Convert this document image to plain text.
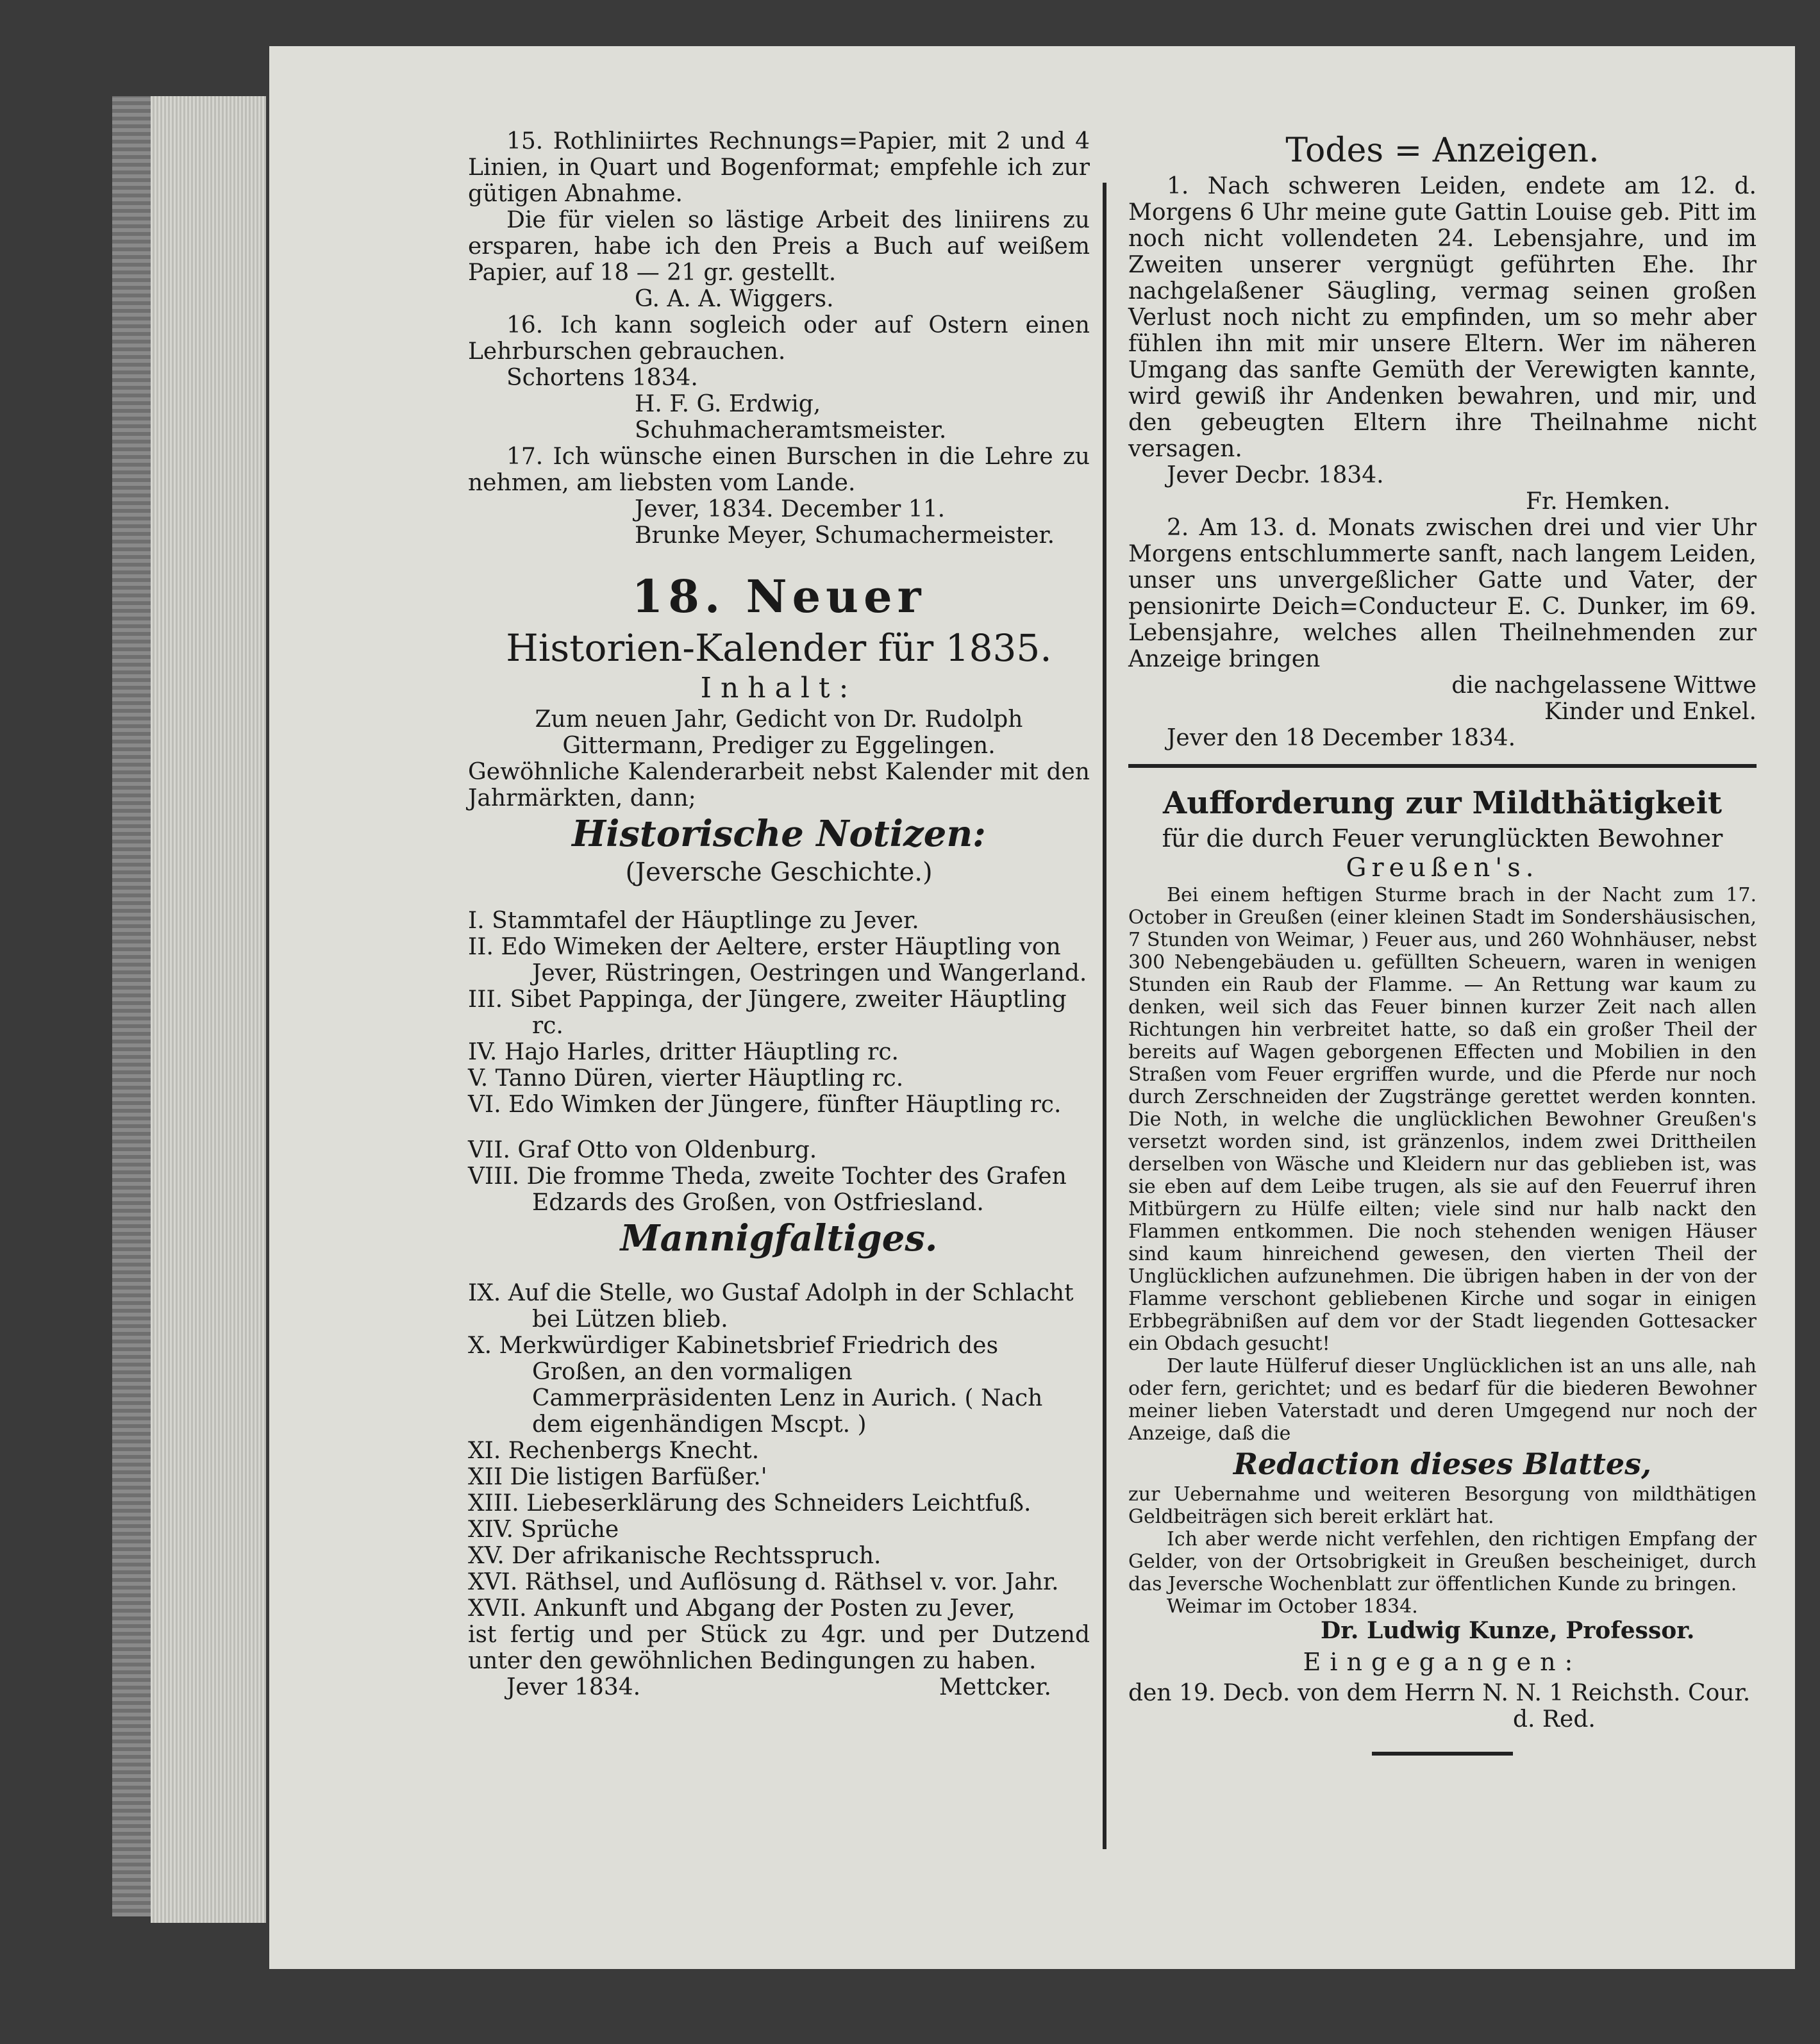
15. Rothliniirtes Rechnungs=Papier, mit 2 und 4 Linien, in Quart und Bogenformat; empfehle ich zur gütigen Abnahme.

Die für vielen so lästige Arbeit des liniirens zu ersparen, habe ich den Preis a Buch auf weißem Papier, auf 18 — 21 gr. gestellt.

G. A. A. Wiggers.

16. Ich kann sogleich oder auf Ostern einen Lehrburschen gebrauchen.

Schortens 1834.

H. F. G. Erdwig, Schuhmacheramtsmeister.

17. Ich wünsche einen Burschen in die Lehre zu nehmen, am liebsten vom Lande.

Jever, 1834. December 11.
Brunke Meyer, Schumachermeister.
18. Neuer
Historien-Kalender für 1835.
Inhalt:

Zum neuen Jahr, Gedicht von Dr. Rudolph Gittermann, Prediger zu Eggelingen.

Gewöhnliche Kalenderarbeit nebst Kalender mit den Jahrmärkten, dann;

Historische Notizen:
(Jeversche Geschichte.)

I. Stammtafel der Häuptlinge zu Jever.

II. Edo Wimeken der Aeltere, erster Häuptling von Jever, Rüstringen, Oestringen und Wangerland.

III. Sibet Pappinga, der Jüngere, zweiter Häuptling rc.

IV. Hajo Harles, dritter Häuptling rc.

V. Tanno Düren, vierter Häuptling rc.

VI. Edo Wimken der Jüngere, fünfter Häuptling rc.

VII. Graf Otto von Oldenburg.

VIII. Die fromme Theda, zweite Tochter des Grafen Edzards des Großen, von Ostfriesland.

Mannigfaltiges.

IX. Auf die Stelle, wo Gustaf Adolph in der Schlacht bei Lützen blieb.

X. Merkwürdiger Kabinetsbrief Friedrich des Großen, an den vormaligen Cammerpräsidenten Lenz in Aurich. ( Nach dem eigenhändigen Mscpt. )

XI. Rechenbergs Knecht.

XII Die listigen Barfüßer.'

XIII. Liebeserklärung des Schneiders Leichtfuß.

XIV. Sprüche

XV. Der afrikanische Rechtsspruch.

XVI. Räthsel, und Auflösung d. Räthsel v. vor. Jahr.

XVII. Ankunft und Abgang der Posten zu Jever,

ist fertig und per Stück zu 4gr. und per Dutzend unter den gewöhnlichen Bedingungen zu haben.

Jever 1834.	Mettcker.
Todes = Anzeigen.

1. Nach schweren Leiden, endete am 12. d. Morgens 6 Uhr meine gute Gattin Louise geb. Pitt im noch nicht vollendeten 24. Lebensjahre, und im Zweiten unserer vergnügt geführten Ehe. Ihr nachgelaßener Säugling, vermag seinen großen Verlust noch nicht zu empfinden, um so mehr aber fühlen ihn mit mir unsere Eltern. Wer im näheren Umgang das sanfte Gemüth der Verewigten kannte, wird gewiß ihr Andenken bewahren, und mir, und den gebeugten Eltern ihre Theilnahme nicht versagen.

Jever Decbr. 1834.

Fr. Hemken.

2. Am 13. d. Monats zwischen drei und vier Uhr Morgens entschlummerte sanft, nach langem Leiden, unser uns unvergeßlicher Gatte und Vater, der pensionirte Deich=Conducteur E. C. Dunker, im 69. Lebensjahre, welches allen Theilnehmenden zur Anzeige bringen

die nachgelassene Wittwe

Kinder und Enkel.

Jever den 18 December 1834.

Aufforderung zur Mildthätigkeit

für die durch Feuer verunglückten Bewohner

Greußen's.

Bei einem heftigen Sturme brach in der Nacht zum 17. October in Greußen (einer kleinen Stadt im Sondershäusischen, 7 Stunden von Weimar, ) Feuer aus, und 260 Wohnhäuser, nebst 300 Nebengebäuden u. gefüllten Scheuern, waren in wenigen Stunden ein Raub der Flamme. — An Rettung war kaum zu denken, weil sich das Feuer binnen kurzer Zeit nach allen Richtungen hin verbreitet hatte, so daß ein großer Theil der bereits auf Wagen geborgenen Effecten und Mobilien in den Straßen vom Feuer ergriffen wurde, und die Pferde nur noch durch Zerschneiden der Zugstränge gerettet werden konnten. Die Noth, in welche die unglücklichen Bewohner Greußen's versetzt worden sind, ist gränzenlos, indem zwei Drittheilen derselben von Wäsche und Kleidern nur das geblieben ist, was sie eben auf dem Leibe trugen, als sie auf den Feuerruf ihren Mitbürgern zu Hülfe eilten; viele sind nur halb nackt den Flammen entkommen. Die noch stehenden wenigen Häuser sind kaum hinreichend gewesen, den vierten Theil der Unglücklichen aufzunehmen. Die übrigen haben in der von der Flamme verschont gebliebenen Kirche und sogar in einigen Erbbegräbnißen auf dem vor der Stadt liegenden Gottesacker ein Obdach gesucht!

Der laute Hülferuf dieser Unglücklichen ist an uns alle, nah oder fern, gerichtet; und es bedarf für die biederen Bewohner meiner lieben Vaterstadt und deren Umgegend nur noch der Anzeige, daß die

Redaction dieses Blattes,

zur Uebernahme und weiteren Besorgung von mildthätigen Geldbeiträgen sich bereit erklärt hat.

Ich aber werde nicht verfehlen, den richtigen Empfang der Gelder, von der Ortsobrigkeit in Greußen bescheiniget, durch das Jeversche Wochenblatt zur öffentlichen Kunde zu bringen.

Weimar im October 1834.

Dr. Ludwig Kunze, Professor.
Eingegangen:

den 19. Decb. von dem Herrn N. N. 1 Reichsth. Cour.

d. Red.
